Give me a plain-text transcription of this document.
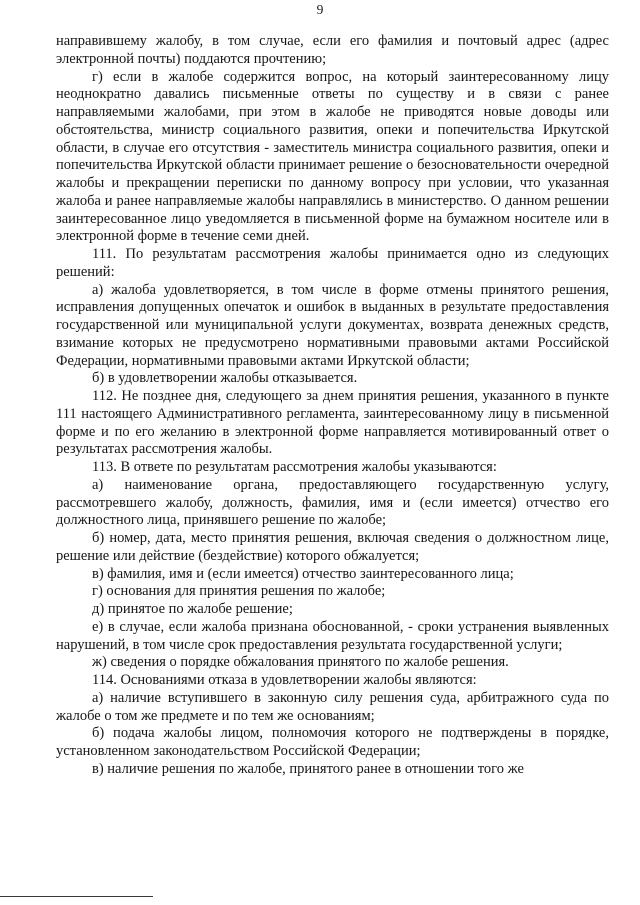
9

направившему жалобу, в том случае, если его фамилия и почтовый адрес (адрес электронной почты) поддаются прочтению;

г) если в жалобе содержится вопрос, на который заинтересованному лицу неоднократно давались письменные ответы по существу и в связи с ранее направляемыми жалобами, при этом в жалобе не приводятся новые доводы или обстоятельства, министр социального развития, опеки и попечительства Иркутской области, в случае его отсутствия - заместитель министра социального развития, опеки и попечительства Иркутской области принимает решение о безосновательности очередной жалобы и прекращении переписки по данному вопросу при условии, что указанная жалоба и ранее направляемые жалобы направлялись в министерство. О данном решении заинтересованное лицо уведомляется в письменной форме на бумажном носителе или в электронной форме в течение семи дней.

111. По результатам рассмотрения жалобы принимается одно из следующих решений:

а) жалоба удовлетворяется, в том числе в форме отмены принятого решения, исправления допущенных опечаток и ошибок в выданных в результате предоставления государственной или муниципальной услуги документах, возврата денежных средств, взимание которых не предусмотрено нормативными правовыми актами Российской Федерации, нормативными правовыми актами Иркутской области;

б) в удовлетворении жалобы отказывается.

112. Не позднее дня, следующего за днем принятия решения, указанного в пункте 111 настоящего Административного регламента, заинтересованному лицу в письменной форме и по его желанию в электронной форме направляется мотивированный ответ о результатах рассмотрения жалобы.

113. В ответе по результатам рассмотрения жалобы указываются:

а) наименование органа, предоставляющего государственную услугу, рассмотревшего жалобу, должность, фамилия, имя и (если имеется) отчество его должностного лица, принявшего решение по жалобе;

б) номер, дата, место принятия решения, включая сведения о должностном лице, решение или действие (бездействие) которого обжалуется;

в) фамилия, имя и (если имеется) отчество заинтересованного лица;

г) основания для принятия решения по жалобе;

д) принятое по жалобе решение;

е) в случае, если жалоба признана обоснованной, - сроки устранения выявленных нарушений, в том числе срок предоставления результата государственной услуги;

ж) сведения о порядке обжалования принятого по жалобе решения.

114. Основаниями отказа в удовлетворении жалобы являются:

а) наличие вступившего в законную силу решения суда, арбитражного суда по жалобе о том же предмете и по тем же основаниям;

б) подача жалобы лицом, полномочия которого не подтверждены в порядке, установленном законодательством Российской Федерации;

в) наличие решения по жалобе, принятого ранее в отношении того же
